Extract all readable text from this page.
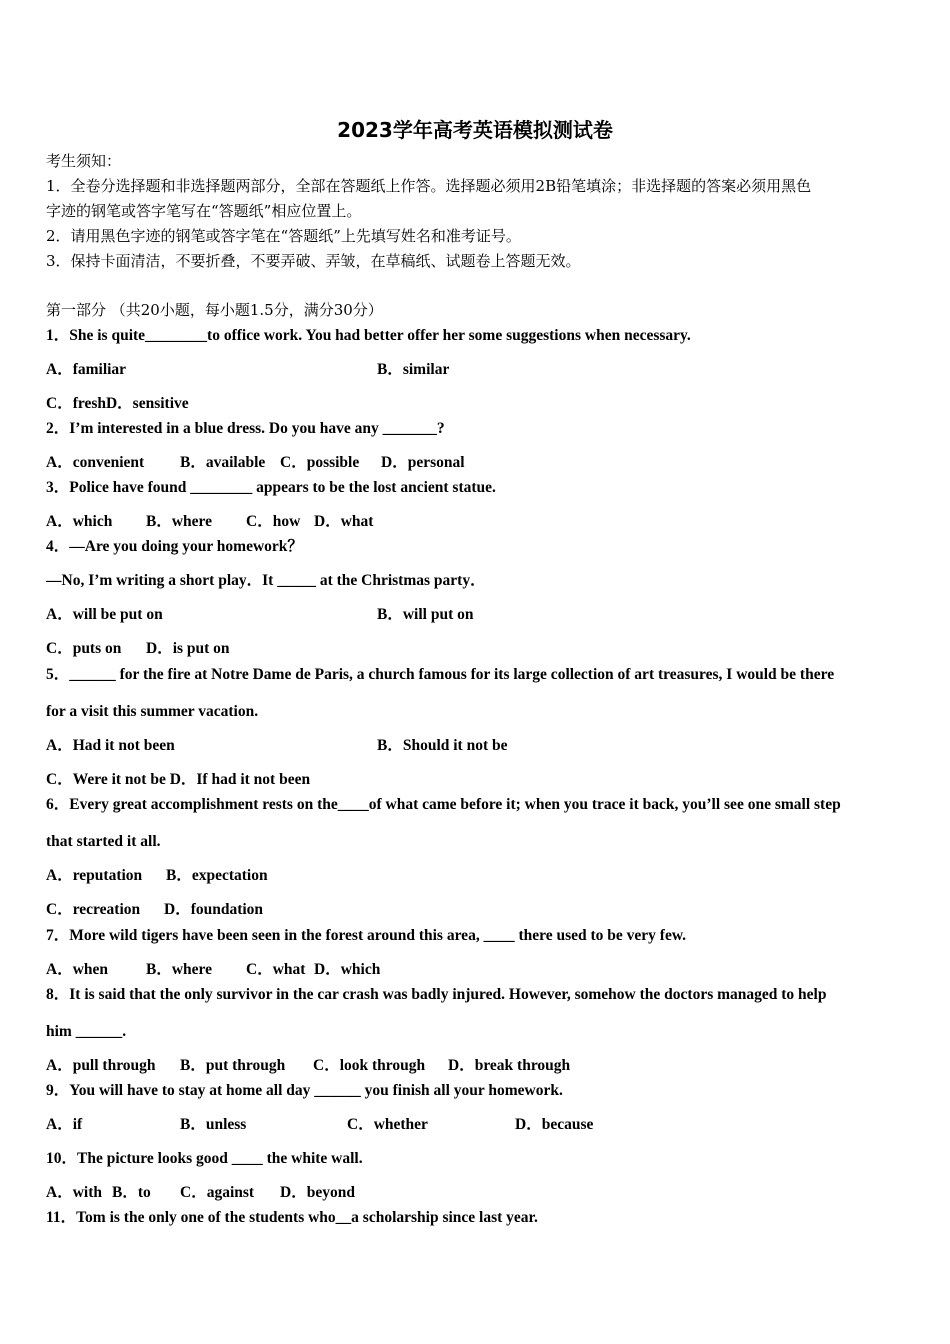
2023学年高考英语模拟测试卷
考生须知：
1．全卷分选择题和非选择题两部分，全部在答题纸上作答。选择题必须用2B铅笔填涂；非选择题的答案必须用黑色
字迹的钢笔或答字笔写在“答题纸”相应位置上。
2．请用黑色字迹的钢笔或答字笔在“答题纸”上先填写姓名和准考证号。
3．保持卡面清洁，不要折叠，不要弄破、弄皱，在草稿纸、试题卷上答题无效。
第一部分 （共20小题，每小题1.5分，满分30分）
1．She is quite________to office work. You had better offer her some suggestions when necessary.
A．familiar	B．similar
C．freshD．sensitive
2．I’m interested in a blue dress. Do you have any _______?
A．convenient B．available C．possible D．personal
3．Police have found ________ appears to be the lost ancient statue.
A．which B．where C．how D．what
4．—Are you doing your homework？
—No, I’m writing a short play．It _____ at the Christmas party．
A．will be put on	B．will put on
C．puts on D．is put on
5．______ for the fire at Notre Dame de Paris, a church famous for its large collection of art treasures, I would be there
for a visit this summer vacation.
A．Had it not been	B．Should it not be
C．Were it not be D．If had it not been
6．Every great accomplishment rests on the____of what came before it; when you trace it back, you’ll see one small step
that started it all.
A．reputation B．expectation
C．recreation D．foundation
7．More wild tigers have been seen in the forest around this area, ____ there used to be very few.
A．when B．where C．what D．which
8．It is said that the only survivor in the car crash was badly injured. However, somehow the doctors managed to help
him ______.
A．pull through B．put through C．look through D．break through
9．You will have to stay at home all day ______ you finish all your homework.
A．if	B．unless	C．whether	D．because
10．The picture looks good ____ the white wall.
A．with B．to C．against D．beyond
11．Tom is the only one of the students who__a scholarship since last year.
